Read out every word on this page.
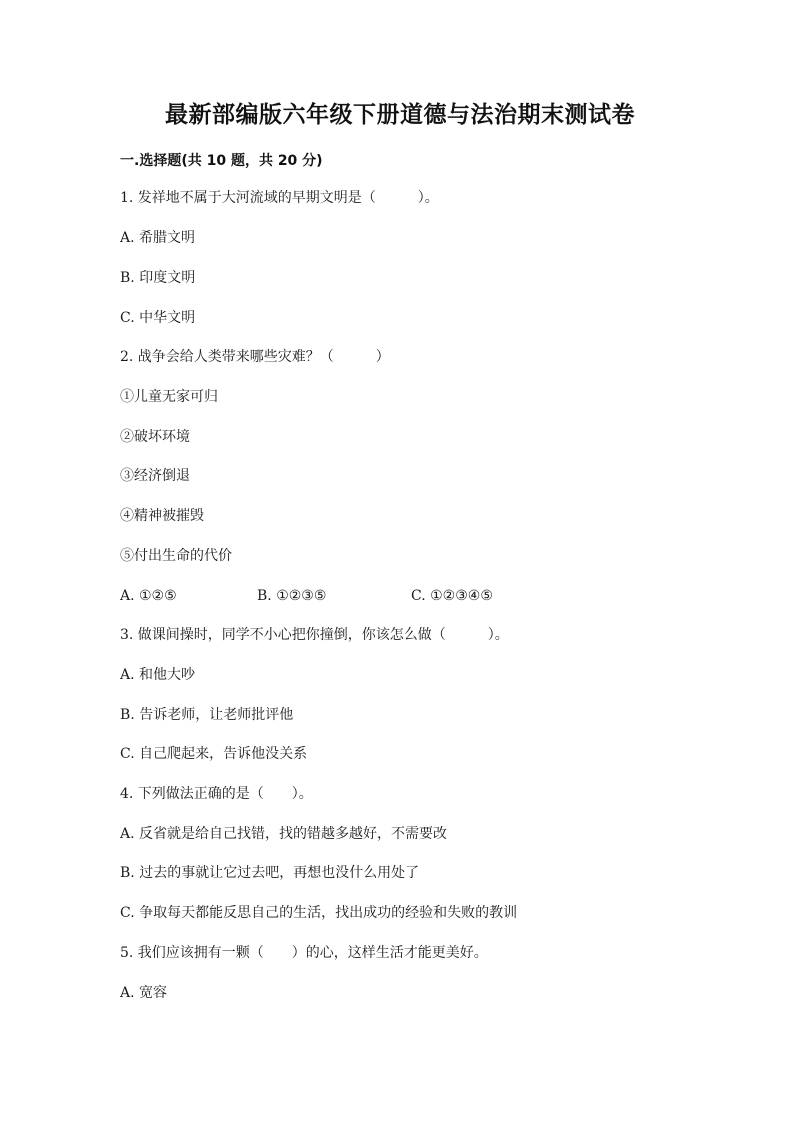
最新部编版六年级下册道德与法治期末测试卷
一.选择题(共 10 题，共 20 分)
1. 发祥地不属于大河流域的早期文明是（　　　）。
A. 希腊文明
B. 印度文明
C. 中华文明
2. 战争会给人类带来哪些灾难？（　　　）
①儿童无家可归
②破坏环境
③经济倒退
④精神被摧毁
⑤付出生命的代价
A. ①②⑤	B. ①②③⑤	C. ①②③④⑤
3. 做课间操时，同学不小心把你撞倒，你该怎么做（　　　）。
A. 和他大吵
B. 告诉老师，让老师批评他
C. 自己爬起来，告诉他没关系
4. 下列做法正确的是（　　）。
A. 反省就是给自己找错，找的错越多越好，不需要改
B. 过去的事就让它过去吧，再想也没什么用处了
C. 争取每天都能反思自己的生活，找出成功的经验和失败的教训
5. 我们应该拥有一颗（　　）的心，这样生活才能更美好。
A. 宽容
